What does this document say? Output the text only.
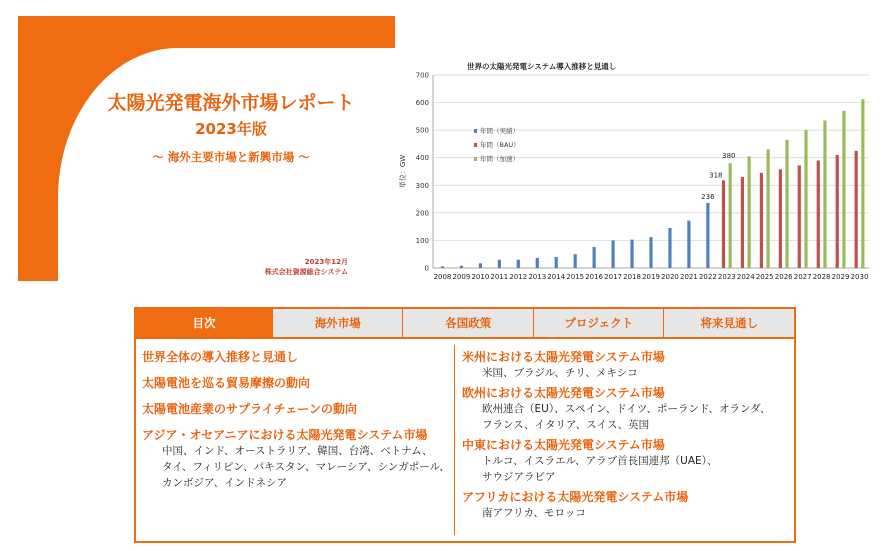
太陽光発電海外市場レポート
2023年版
～ 海外主要市場と新興市場 ～
2023年12月
株式会社資源総合システム
世界の太陽光発電システム導入推移と見通し
単位：GW
0
100
200
300
400
500
600
700
2008 2009 2010 2011 2012 2013 2014 2015 2016 2017 2018 2019 2020 2021 2022 2023 2024 2025 2026 2027 2028 2029 2030
236
318
380
年間（実績）
年間（BAU）
年間（加速）
目次	海外市場	各国政策	プロジェクト	将来見通し
世界全体の導入推移と見通し
太陽電池を巡る貿易摩擦の動向
太陽電池産業のサプライチェーンの動向
アジア・オセアニアにおける太陽光発電システム市場
中国、インド、オーストラリア、韓国、台湾、ベトナム、
タイ、フィリピン、パキスタン、マレーシア、シンガポール、
カンボジア、インドネシア
米州における太陽光発電システム市場
米国、ブラジル、チリ、メキシコ
欧州における太陽光発電システム市場
欧州連合（EU）、スペイン、ドイツ、ポーランド、オランダ、
フランス、イタリア、スイス、英国
中東における太陽光発電システム市場
トルコ、イスラエル、アラブ首長国連邦（UAE）、
サウジアラビア
アフリカにおける太陽光発電システム市場
南アフリカ、モロッコ
